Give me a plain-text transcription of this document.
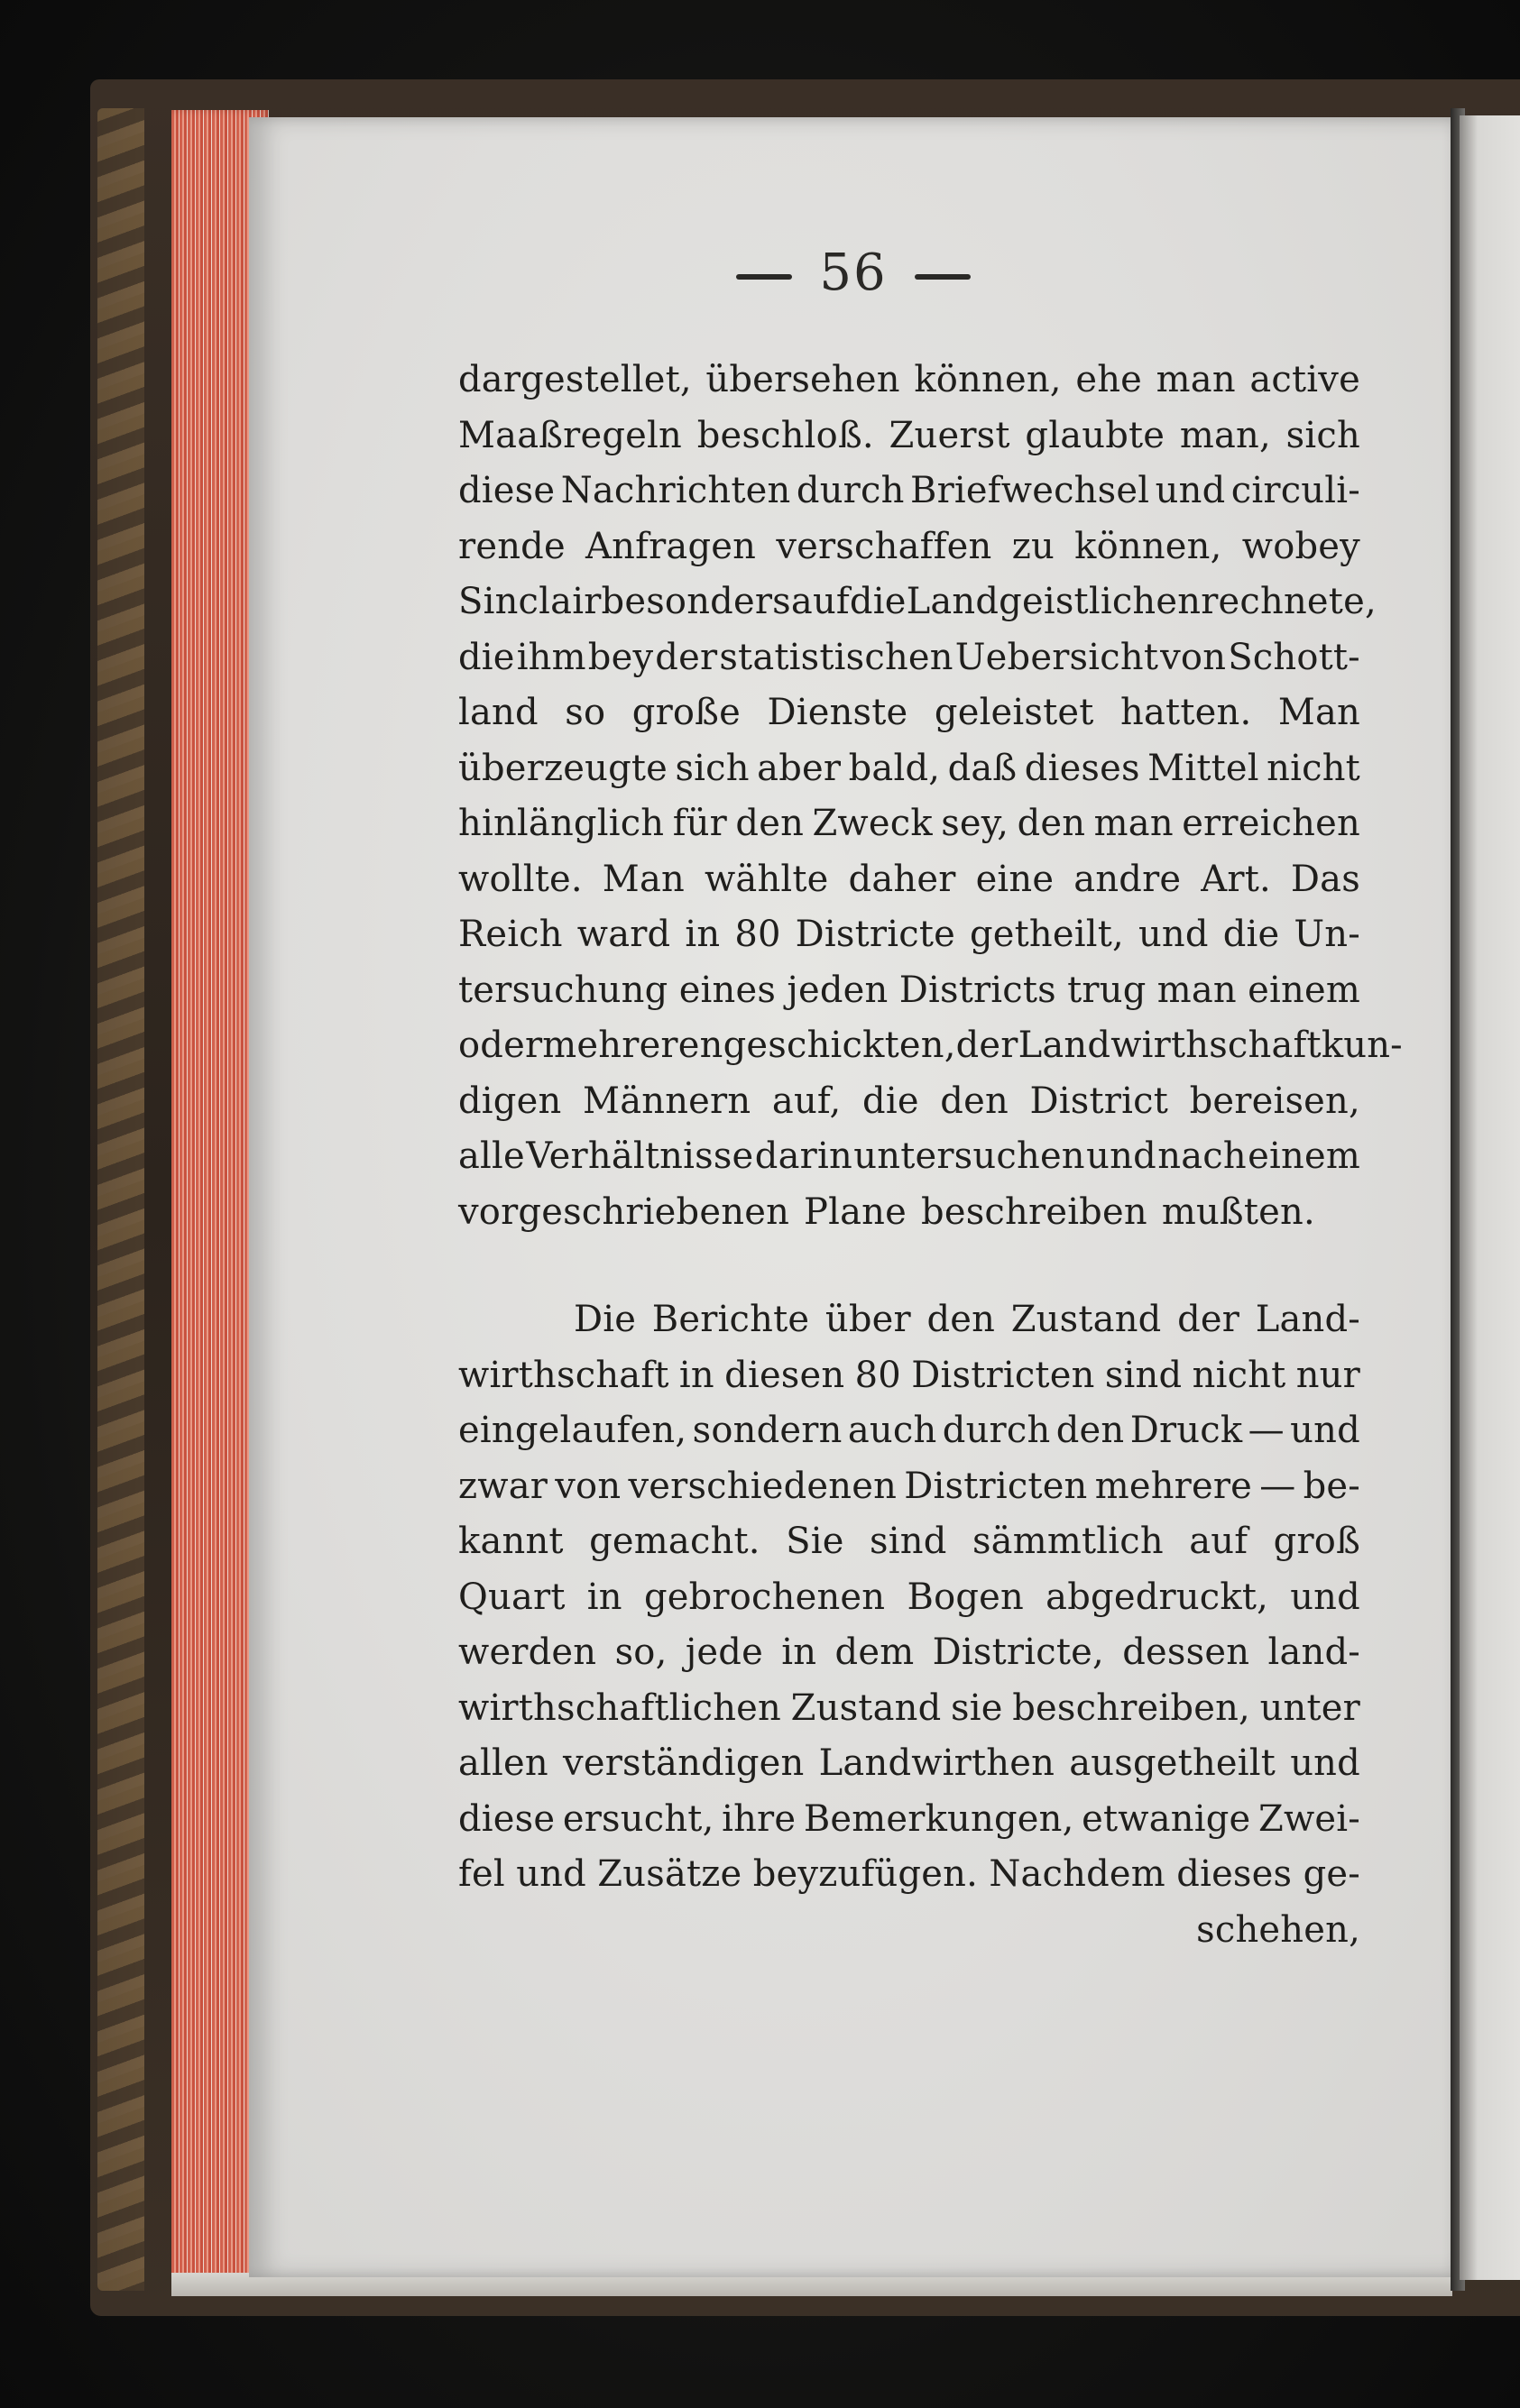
56
dargestellet, übersehen können, ehe man active
Maaßregeln beschloß. Zuerst glaubte man, sich
diese Nachrichten durch Briefwechsel und circuli-
rende Anfragen verschaffen zu können, wobey
Sinclair besonders auf die Landgeistlichen rechnete,
die ihm bey der statistischen Uebersicht von Schott-
land so große Dienste geleistet hatten. Man
überzeugte sich aber bald, daß dieses Mittel nicht
hinlänglich für den Zweck sey, den man erreichen
wollte. Man wählte daher eine andre Art. Das
Reich ward in 80 Districte getheilt, und die Un-
tersuchung eines jeden Districts trug man einem
oder mehreren geschickten, der Landwirthschaft kun-
digen Männern auf, die den District bereisen,
alle Verhältnisse darin untersuchen und nach einem
vorgeschriebenen Plane beschreiben mußten.
Die Berichte über den Zustand der Land-
wirthschaft in diesen 80 Districten sind nicht nur
eingelaufen, sondern auch durch den Druck — und
zwar von verschiedenen Districten mehrere — be-
kannt gemacht. Sie sind sämmtlich auf groß
Quart in gebrochenen Bogen abgedruckt, und
werden so, jede in dem Districte, dessen land-
wirthschaftlichen Zustand sie beschreiben, unter
allen verständigen Landwirthen ausgetheilt und
diese ersucht, ihre Bemerkungen, etwanige Zwei-
fel und Zusätze beyzufügen. Nachdem dieses ge-
schehen,
